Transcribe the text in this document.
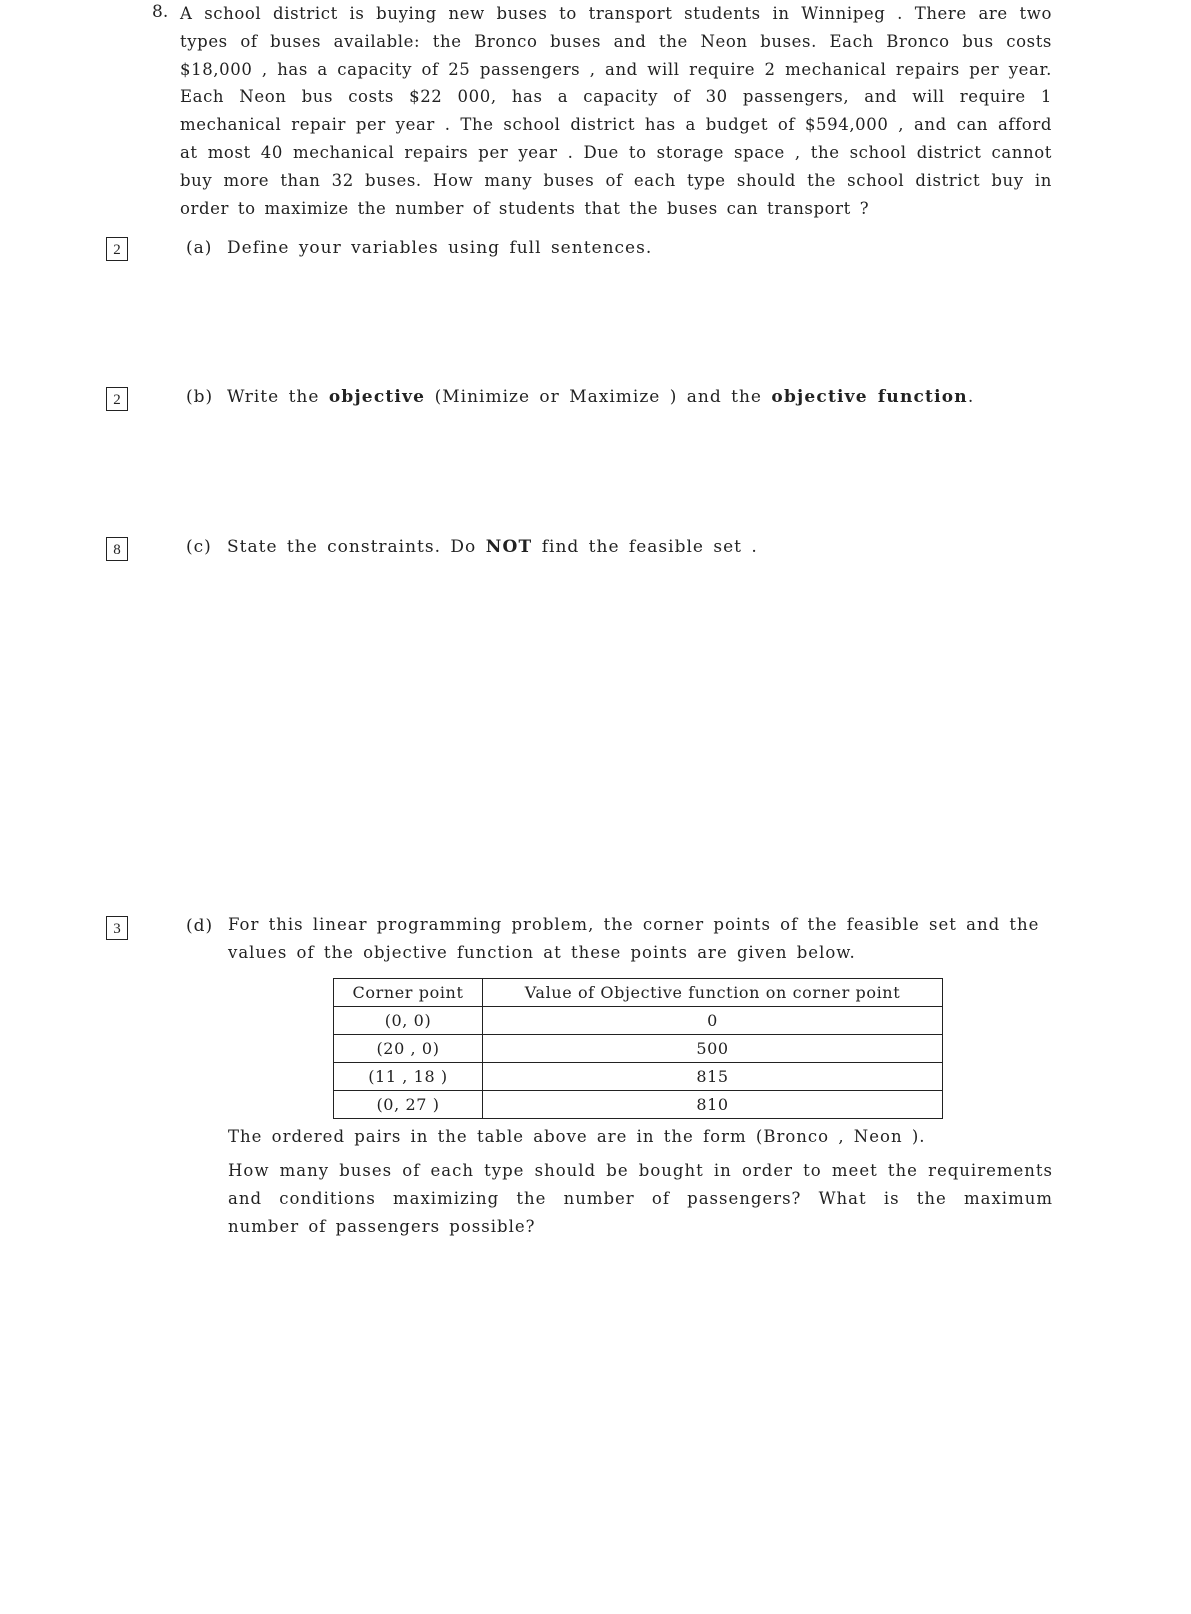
8. A school district is buying new buses to transport students in Winnipeg . There are two types of buses available: the Bronco buses and the Neon buses. Each Bronco bus costs $18,000 , has a capacity of 25 passengers , and will require 2 mechanical repairs per year. Each Neon bus costs $22 000, has a capacity of 30 passengers, and will require 1 mechanical repair per year . The school district has a budget of $594,000 , and can afford at most 40 mechanical repairs per year . Due to storage space , the school district cannot buy more than 32 buses. How many buses of each type should the school district buy in order to maximize the number of students that the buses can transport ?
2	(a) Define your variables using full sentences.
2	(b) Write the objective (Minimize or Maximize ) and the objective function.
8	(c) State the constraints. Do NOT find the feasible set .
3	(d) For this linear programming problem, the corner points of the feasible set and the values of the objective function at these points are given below.
Corner point	Value of Objective function on corner point
(0, 0)	0
(20 , 0)	500
(11 , 18 )	815
(0, 27 )	810

The ordered pairs in the table above are in the form (Bronco , Neon ).

How many buses of each type should be bought in order to meet the requirements and conditions maximizing the number of passengers? What is the maximum number of passengers possible?
